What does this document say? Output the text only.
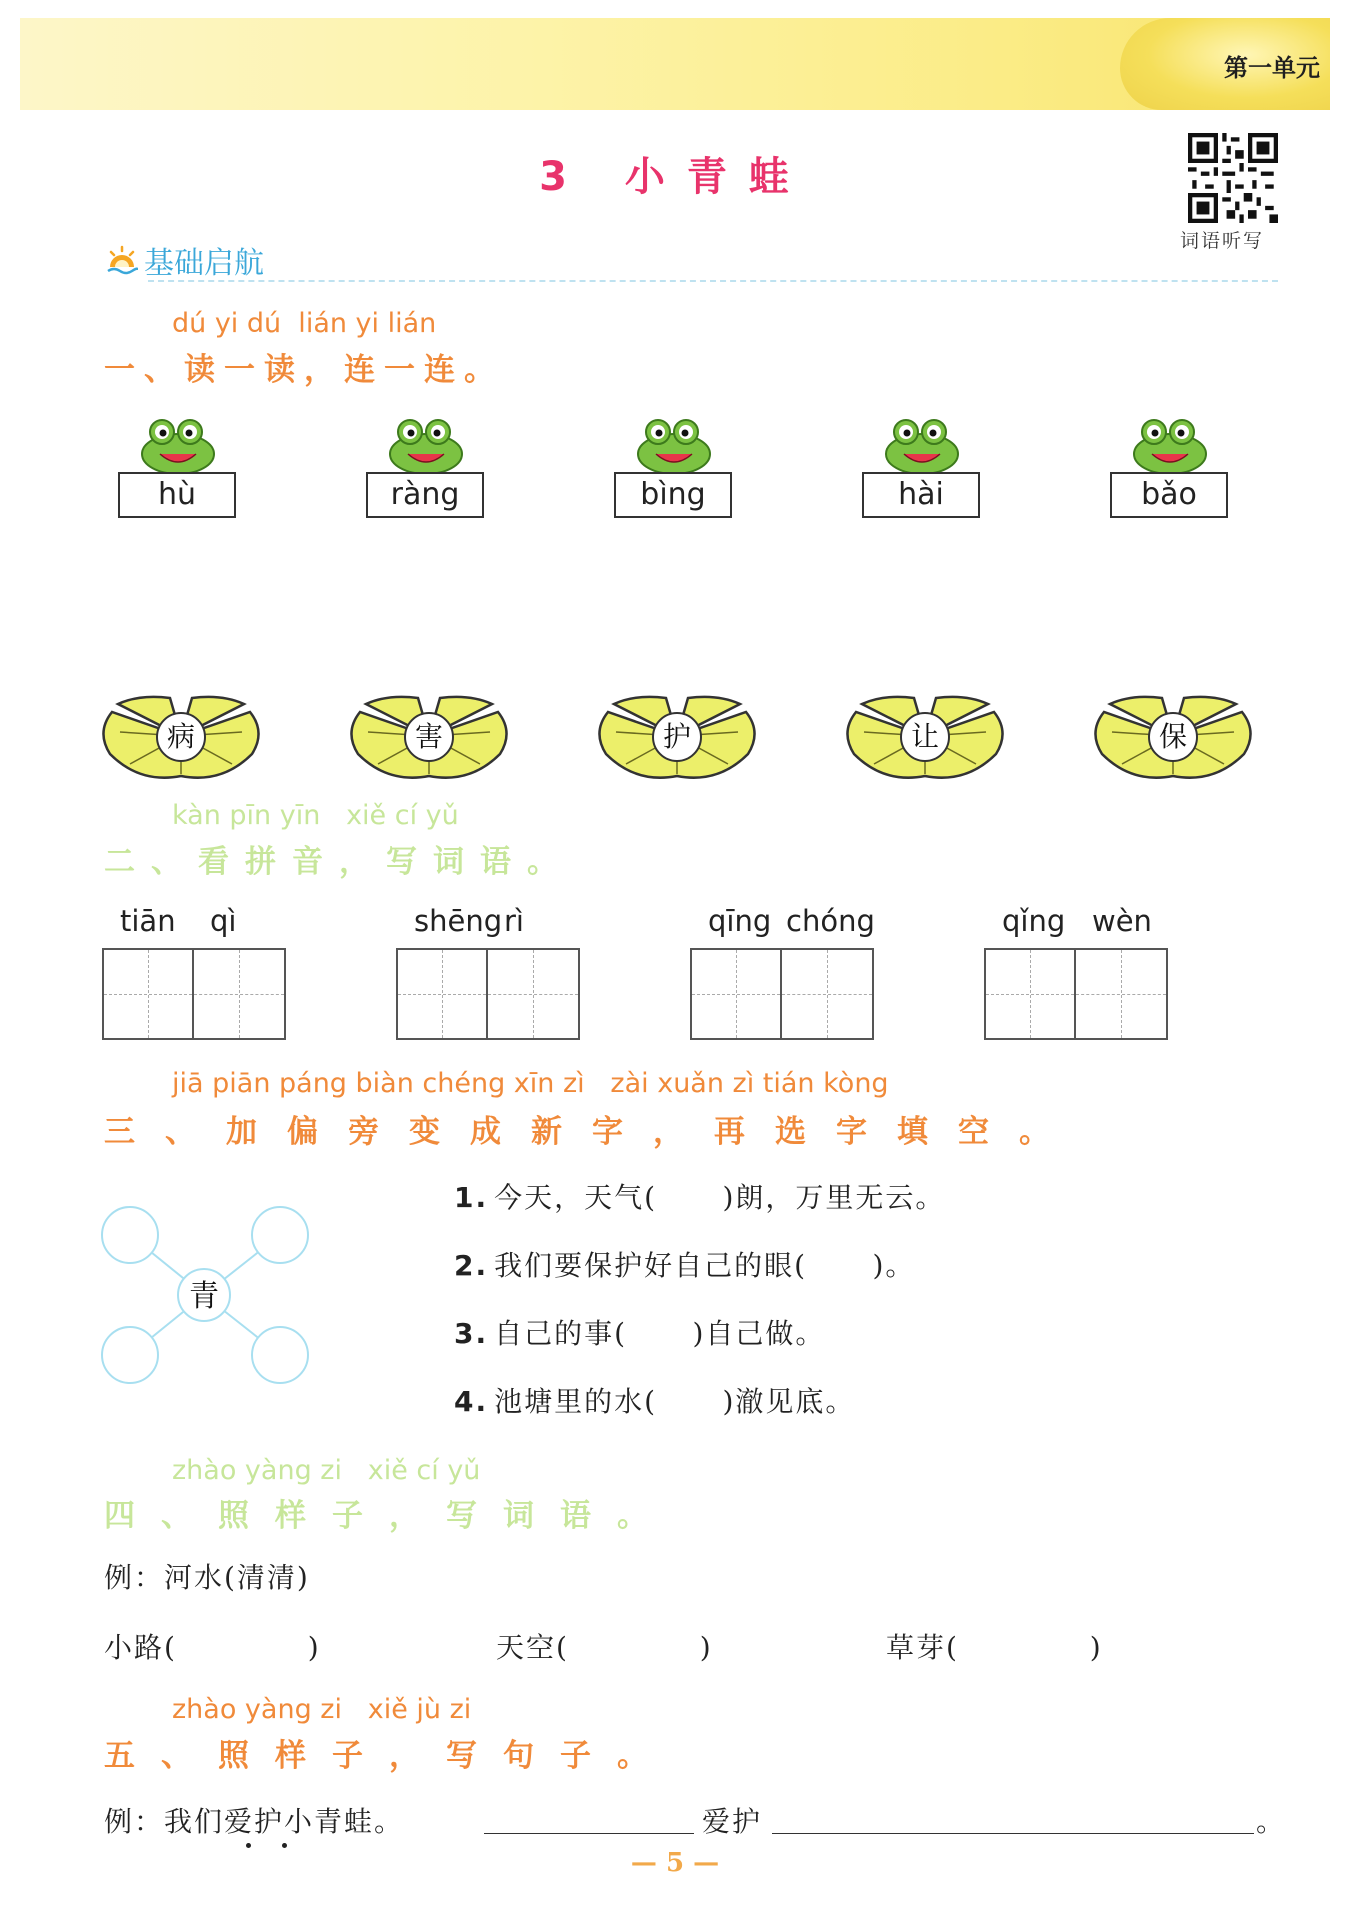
第一单元
3 小青蛙
词语听写
基础启航
dú yi dú  lián yi lián
一、读一读，连一连。
hù	ràng	bìng	hài	bǎo
病	害	护	让	保
kàn pīn yīn   xiě cí yǔ
二、看拼音，写词语。
tiān qì	shēng rì	qīng chóng	qǐng wèn
jiā piān páng biàn chéng xīn zì   zài xuǎn zì tián kòng
三、加偏旁变成新字，再选字填空。
青
1. 今天，天气(      )朗，万里无云。
2. 我们要保护好自己的眼(      )。
3. 自己的事(      )自己做。
4. 池塘里的水(      )澈见底。
zhào yàng zi   xiě cí yǔ
四、照样子，写词语。
例：河水(清清)
小路(            )	天空(            )	草芽(            )
zhào yàng zi   xiě jù zi
五、照样子，写句子。
例：我们爱护小青蛙。	爱护	。
— 5 —
